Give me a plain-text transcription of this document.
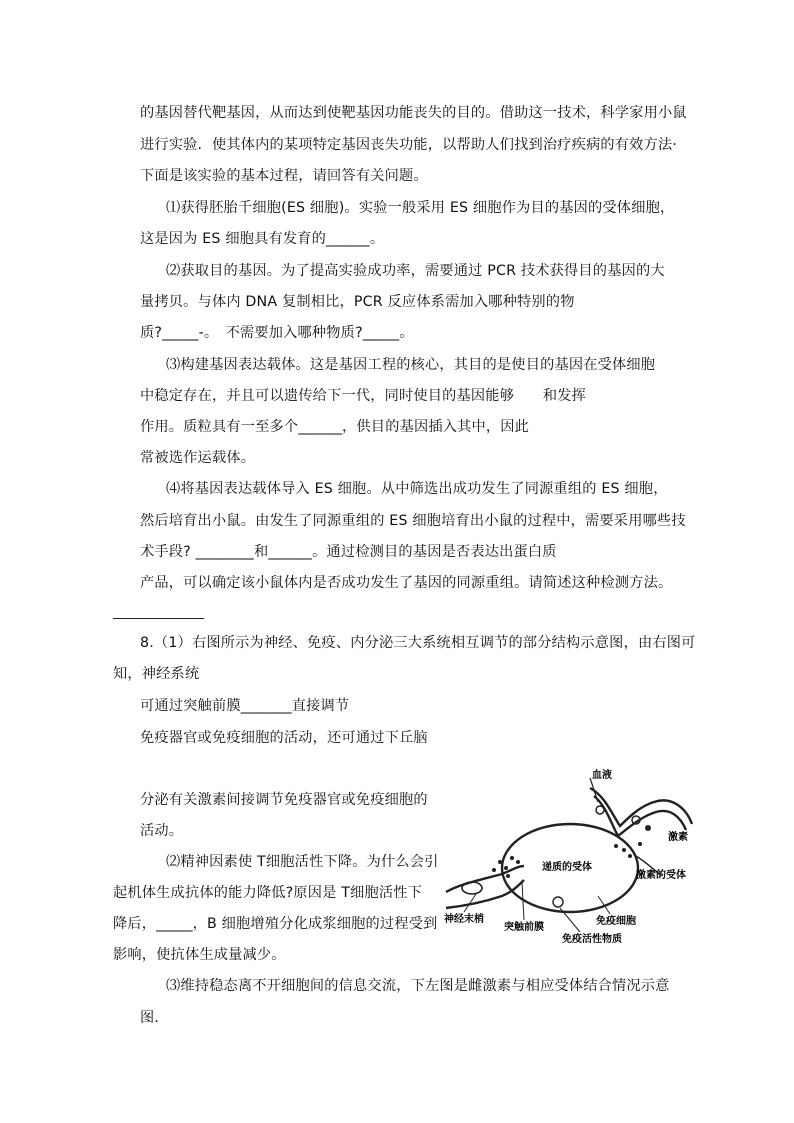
的基因替代靶基因，从而达到使靶基因功能丧失的目的。借助这一技术，科学家用小鼠
进行实验．使其体内的某项特定基因丧失功能，以帮助人们找到治疗疾病的有效方法·
下面是该实验的基本过程，请回答有关问题。
⑴获得胚胎千细胞(ES 细胞)。实验一般采用 ES 细胞作为目的基因的受体细胞，
这是因为 ES 细胞具有发育的______。
⑵获取目的基因。为了提高实验成功率，需要通过 PCR 技术获得目的基因的大
量拷贝。与体内 DNA 复制相比，PCR 反应体系需加入哪种特别的物
质?_____-。　不需要加入哪种物质?_____。
⑶构建基因表达载体。这是基因工程的核心，其目的是使目的基因在受体细胞
中稳定存在，并且可以遗传给下一代，同时使目的基因能够　　和发挥
作用。质粒具有一至多个______，供目的基因插入其中，因此
常被选作运载体。
⑷将基因表达载体导入 ES 细胞。从中筛选出成功发生了同源重组的 ES 细胞，
然后培育出小鼠。由发生了同源重组的 ES 细胞培育出小鼠的过程中，需要采用哪些技
术手段? ________和______。通过检测目的基因是否表达出蛋白质
产品，可以确定该小鼠体内是否成功发生了基因的同源重组。请简述这种检测方法。
8.（1）右图所示为神经、免疫、内分泌三大系统相互调节的部分结构示意图，由右图可
知，神经系统
可通过突触前膜_______直接调节
免疫器官或免疫细胞的活动，还可通过下丘脑
分泌有关激素间接调节免疫器官或免疫细胞的
活动。
⑵精神因素使 T细胞活性下降。为什么会引
起机体生成抗体的能力降低?原因是 T细胞活性下
降后，_____，B 细胞增殖分化成浆细胞的过程受到
影响，使抗体生成量减少。
⑶维持稳态离不开细胞间的信息交流，下左图是雌激素与相应受体结合情况示意
图．
血液
激素
递质的受体
激素的受体
神经末梢
突触前膜
免疫细胞
免疫活性物质
